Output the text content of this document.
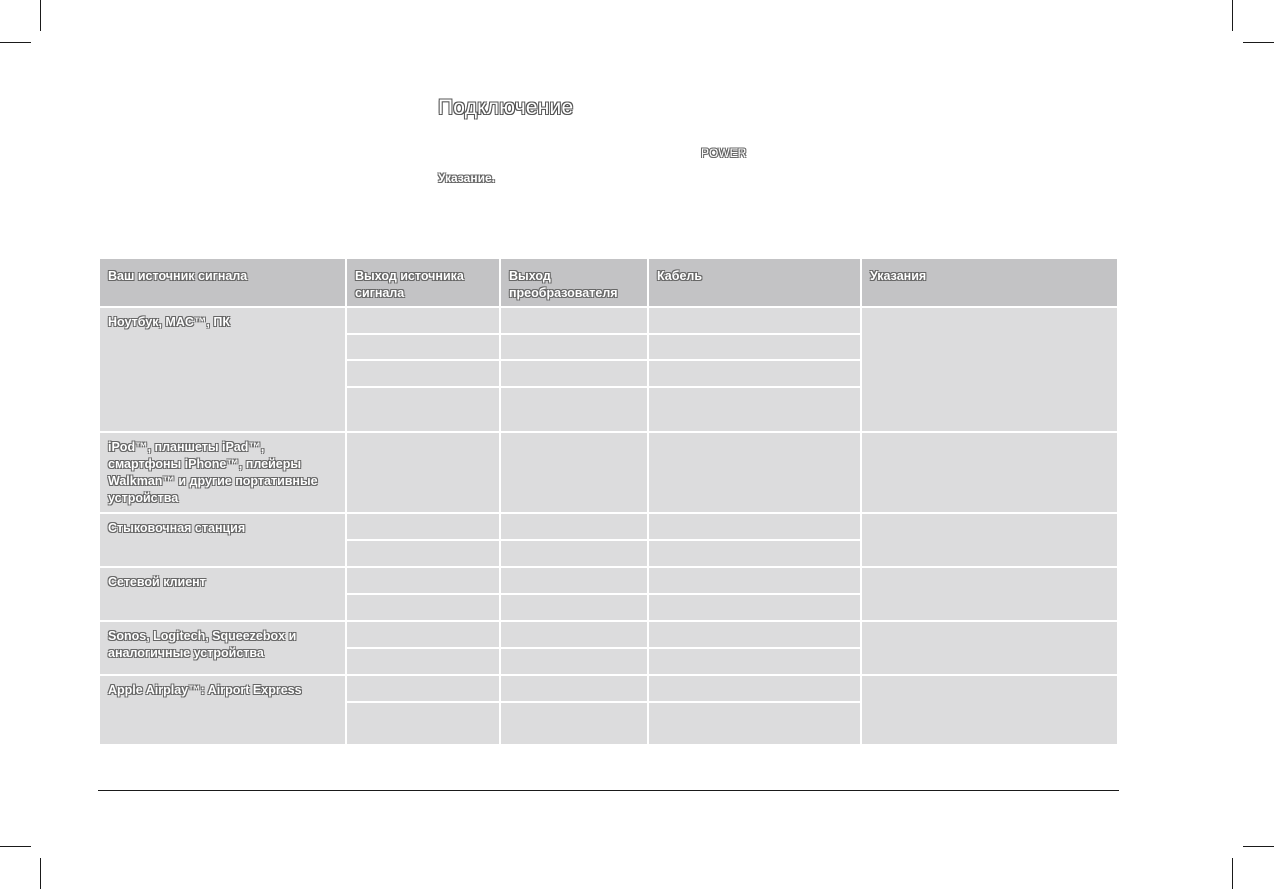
Подключение
POWER
Указание.
Ваш источник сигнала	Выход источника сигнала	Выход преобразователя	Кабель	Указания
Ноутбук, MAC™, ПК				

iPod™, планшеты iPad™, смартфоны iPhone™, плейеры Walkman™ и другие портативные устройства				
Стыковочная станция				

Сетевой клиент				

Sonos, Logitech, Squeezebox и аналогичные устройства				

Apple Airplay™: Airport Express				
